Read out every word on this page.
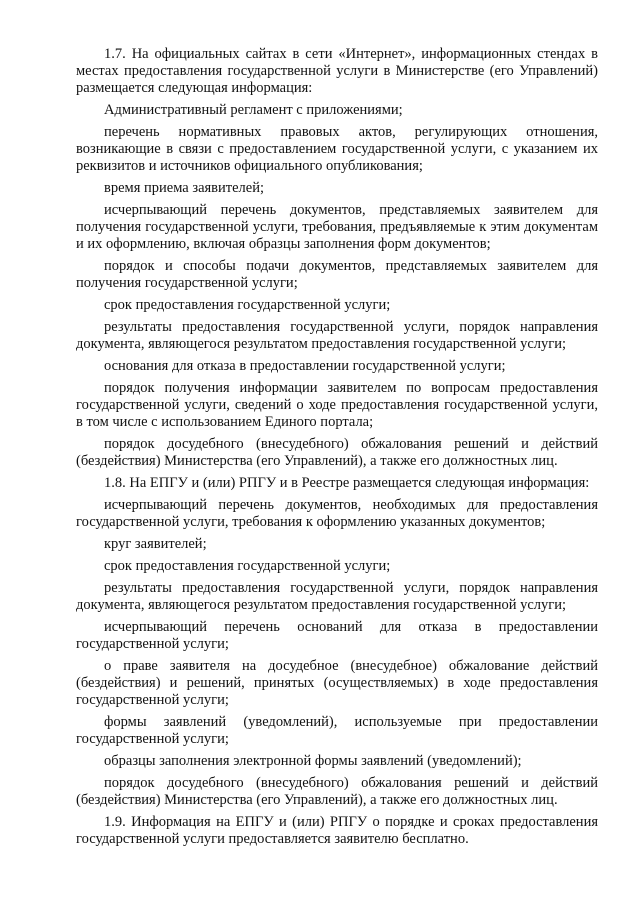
1.7. На официальных сайтах в сети «Интернет», информационных стендах в местах предоставления государственной услуги в Министерстве (его Управлений) размещается следующая информация:

Административный регламент с приложениями;

перечень нормативных правовых актов, регулирующих отношения, возникающие в связи с предоставлением государственной услуги, с указанием их реквизитов и источников официального опубликования;

время приема заявителей;

исчерпывающий перечень документов, представляемых заявителем для получения государственной услуги, требования, предъявляемые к этим документам и их оформлению, включая образцы заполнения форм документов;

порядок и способы подачи документов, представляемых заявителем для получения государственной услуги;

срок предоставления государственной услуги;

результаты предоставления государственной услуги, порядок направления документа, являющегося результатом предоставления государственной услуги;

основания для отказа в предоставлении государственной услуги;

порядок получения информации заявителем по вопросам предоставления государственной услуги, сведений о ходе предоставления государственной услуги, в том числе с использованием Единого портала;

порядок досудебного (внесудебного) обжалования решений и действий (бездействия) Министерства (его Управлений), а также его должностных лиц.

1.8. На ЕПГУ и (или) РПГУ и в Реестре размещается следующая информация:

исчерпывающий перечень документов, необходимых для предоставления государственной услуги, требования к оформлению указанных документов;

круг заявителей;

срок предоставления государственной услуги;

результаты предоставления государственной услуги, порядок направления документа, являющегося результатом предоставления государственной услуги;

исчерпывающий перечень оснований для отказа в предоставлении государственной услуги;

о праве заявителя на досудебное (внесудебное) обжалование действий (бездействия) и решений, принятых (осуществляемых) в ходе предоставления государственной услуги;

формы заявлений (уведомлений), используемые при предоставлении государственной услуги;

образцы заполнения электронной формы заявлений (уведомлений);

порядок досудебного (внесудебного) обжалования решений и действий (бездействия) Министерства (его Управлений), а также его должностных лиц.

1.9. Информация на ЕПГУ и (или) РПГУ о порядке и сроках предоставления государственной услуги предоставляется заявителю бесплатно.
